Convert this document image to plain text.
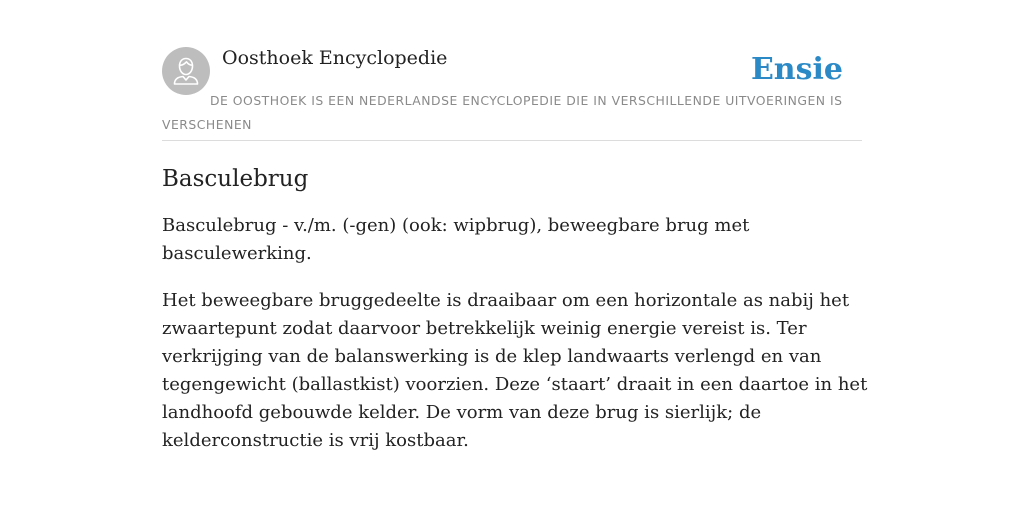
Oosthoek Encyclopedie	Ensie
DE OOSTHOEK IS EEN NEDERLANDSE ENCYCLOPEDIE DIE IN VERSCHILLENDE UITVOERINGEN IS VERSCHENEN
Basculebrug

Basculebrug - v./m. (-gen) (ook: wipbrug), beweegbare brug met basculewerking.

Het beweegbare bruggedeelte is draaibaar om een horizontale as nabij het zwaartepunt zodat daarvoor betrekkelijk weinig energie vereist is. Ter verkrijging van de balanswerking is de klep landwaarts verlengd en van tegengewicht (ballastkist) voorzien. Deze ‘staart’ draait in een daartoe in het landhoofd gebouwde kelder. De vorm van deze brug is sierlijk; de kelderconstructie is vrij kostbaar.
